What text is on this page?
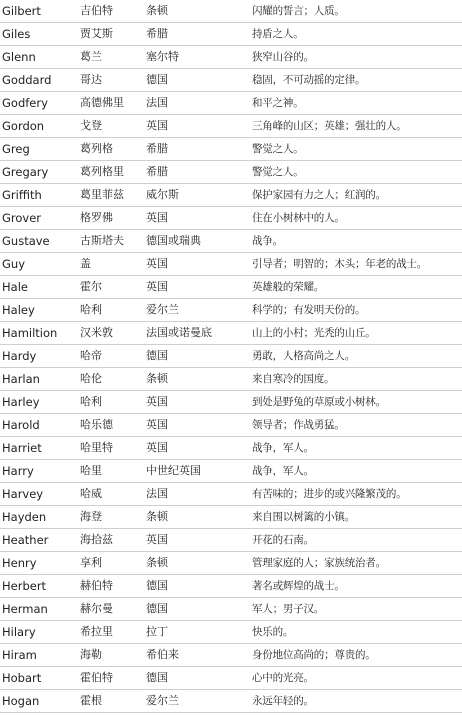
Gilbert	吉伯特	条顿	闪耀的誓言；人质。
Giles	贾艾斯	希腊	持盾之人。
Glenn	葛兰	塞尔特	狭窄山谷的。
Goddard	哥达	德国	稳固，不可动摇的定律。
Godfery	高德佛里	法国	和平之神。
Gordon	戈登	英国	三角峰的山区；英雄；强壮的人。
Greg	葛列格	希腊	警觉之人。
Gregary	葛列格里	希腊	警觉之人。
Griffith	葛里菲兹	威尔斯	保护家园有力之人；红润的。
Grover	格罗佛	英国	住在小树林中的人。
Gustave	古斯塔夫	德国或瑞典	战争。
Guy	盖	英国	引导者；明智的；木头；年老的战士。
Hale	霍尔	英国	英雄般的荣耀。
Haley	哈利	爱尔兰	科学的；有发明天份的。
Hamiltion	汉米敦	法国或诺曼底	山上的小村；光秃的山丘。
Hardy	哈帝	德国	勇敢，人格高尚之人。
Harlan	哈伦	条顿	来自寒冷的国度。
Harley	哈利	英国	到处是野兔的草原或小树林。
Harold	哈乐德	英国	领导者；作战勇猛。
Harriet	哈里特	英国	战争，军人。
Harry	哈里	中世纪英国	战争，军人。
Harvey	哈威	法国	有苦味的；进步的或兴隆繁茂的。
Hayden	海登	条顿	来自围以树篱的小镇。
Heather	海拾兹	英国	开花的石南。
Henry	享利	条顿	管理家庭的人；家族统治者。
Herbert	赫伯特	德国	著名或辉煌的战士。
Herman	赫尔曼	德国	军人；男子汉。
Hilary	希拉里	拉丁	快乐的。
Hiram	海勒	希伯来	身份地位高尚的；尊贵的。
Hobart	霍伯特	德国	心中的光亮。
Hogan	霍根	爱尔兰	永远年轻的。
